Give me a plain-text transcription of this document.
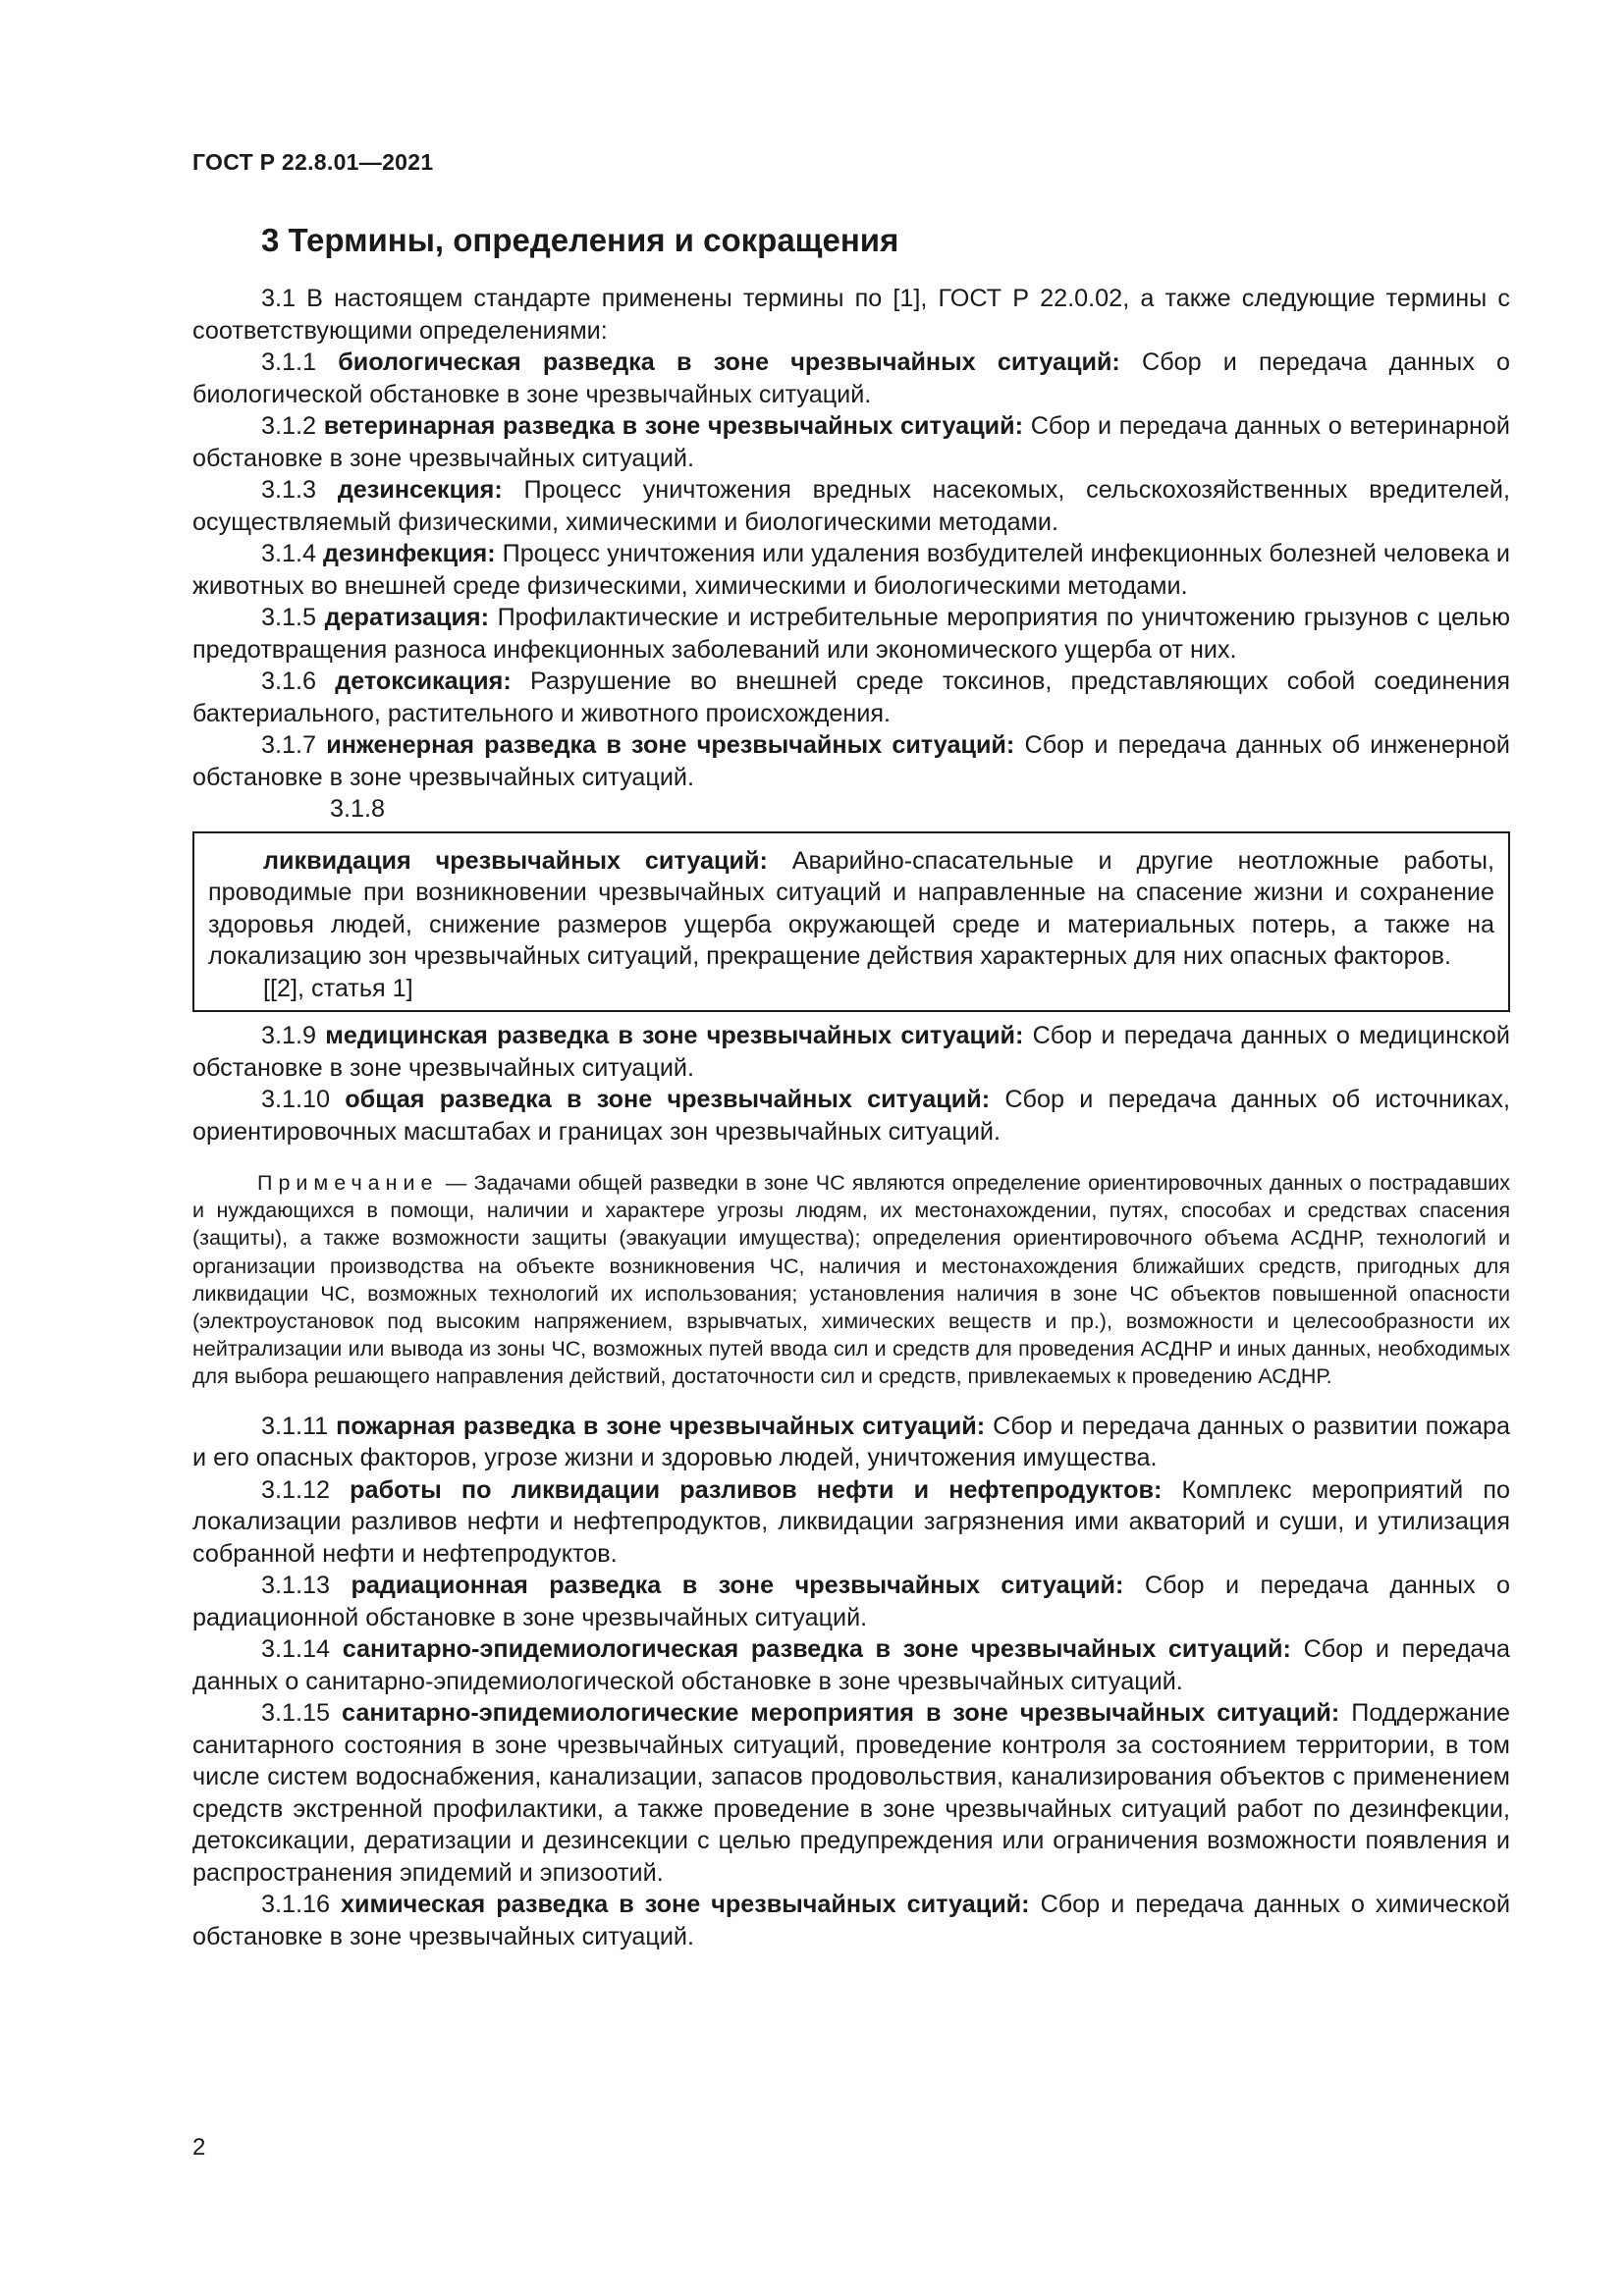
ГОСТ Р 22.8.01—2021
3 Термины, определения и сокращения

3.1 В настоящем стандарте применены термины по [1], ГОСТ Р 22.0.02, а также следующие термины с соответствующими определениями:

3.1.1 биологическая разведка в зоне чрезвычайных ситуаций: Сбор и передача данных о биологической обстановке в зоне чрезвычайных ситуаций.

3.1.2 ветеринарная разведка в зоне чрезвычайных ситуаций: Сбор и передача данных о ветеринарной обстановке в зоне чрезвычайных ситуаций.

3.1.3 дезинсекция: Процесс уничтожения вредных насекомых, сельскохозяйственных вредителей, осуществляемый физическими, химическими и биологическими методами.

3.1.4 дезинфекция: Процесс уничтожения или удаления возбудителей инфекционных болезней человека и животных во внешней среде физическими, химическими и биологическими методами.

3.1.5 дератизация: Профилактические и истребительные мероприятия по уничтожению грызунов с целью предотвращения разноса инфекционных заболеваний или экономического ущерба от них.

3.1.6 детоксикация: Разрушение во внешней среде токсинов, представляющих собой соединения бактериального, растительного и животного происхождения.

3.1.7 инженерная разведка в зоне чрезвычайных ситуаций: Сбор и передача данных об инженерной обстановке в зоне чрезвычайных ситуаций.

3.1.8

ликвидация чрезвычайных ситуаций: Аварийно-спасательные и другие неотложные работы, проводимые при возникновении чрезвычайных ситуаций и направленные на спасение жизни и сохранение здоровья людей, снижение размеров ущерба окружающей среде и материальных потерь, а также на локализацию зон чрезвычайных ситуаций, прекращение действия характерных для них опасных факторов.

[[2], статья 1]

3.1.9 медицинская разведка в зоне чрезвычайных ситуаций: Сбор и передача данных о медицинской обстановке в зоне чрезвычайных ситуаций.

3.1.10 общая разведка в зоне чрезвычайных ситуаций: Сбор и передача данных об источниках, ориентировочных масштабах и границах зон чрезвычайных ситуаций.

Примечание — Задачами общей разведки в зоне ЧС являются определение ориентировочных данных о пострадавших и нуждающихся в помощи, наличии и характере угрозы людям, их местонахождении, путях, способах и средствах спасения (защиты), а также возможности защиты (эвакуации имущества); определения ориентировочного объема АСДНР, технологий и организации производства на объекте возникновения ЧС, наличия и местонахождения ближайших средств, пригодных для ликвидации ЧС, возможных технологий их использования; установления наличия в зоне ЧС объектов повышенной опасности (электроустановок под высоким напряжением, взрывчатых, химических веществ и пр.), возможности и целесообразности их нейтрализации или вывода из зоны ЧС, возможных путей ввода сил и средств для проведения АСДНР и иных данных, необходимых для выбора решающего направления действий, достаточности сил и средств, привлекаемых к проведению АСДНР.

3.1.11 пожарная разведка в зоне чрезвычайных ситуаций: Сбор и передача данных о развитии пожара и его опасных факторов, угрозе жизни и здоровью людей, уничтожения имущества.

3.1.12 работы по ликвидации разливов нефти и нефтепродуктов: Комплекс мероприятий по локализации разливов нефти и нефтепродуктов, ликвидации загрязнения ими акваторий и суши, и утилизация собранной нефти и нефтепродуктов.

3.1.13 радиационная разведка в зоне чрезвычайных ситуаций: Сбор и передача данных о радиационной обстановке в зоне чрезвычайных ситуаций.

3.1.14 санитарно-эпидемиологическая разведка в зоне чрезвычайных ситуаций: Сбор и передача данных о санитарно-эпидемиологической обстановке в зоне чрезвычайных ситуаций.

3.1.15 санитарно-эпидемиологические мероприятия в зоне чрезвычайных ситуаций: Поддержание санитарного состояния в зоне чрезвычайных ситуаций, проведение контроля за состоянием территории, в том числе систем водоснабжения, канализации, запасов продовольствия, канализирования объектов с применением средств экстренной профилактики, а также проведение в зоне чрезвычайных ситуаций работ по дезинфекции, детоксикации, дератизации и дезинсекции с целью предупреждения или ограничения возможности появления и распространения эпидемий и эпизоотий.

3.1.16 химическая разведка в зоне чрезвычайных ситуаций: Сбор и передача данных о химической обстановке в зоне чрезвычайных ситуаций.

2
